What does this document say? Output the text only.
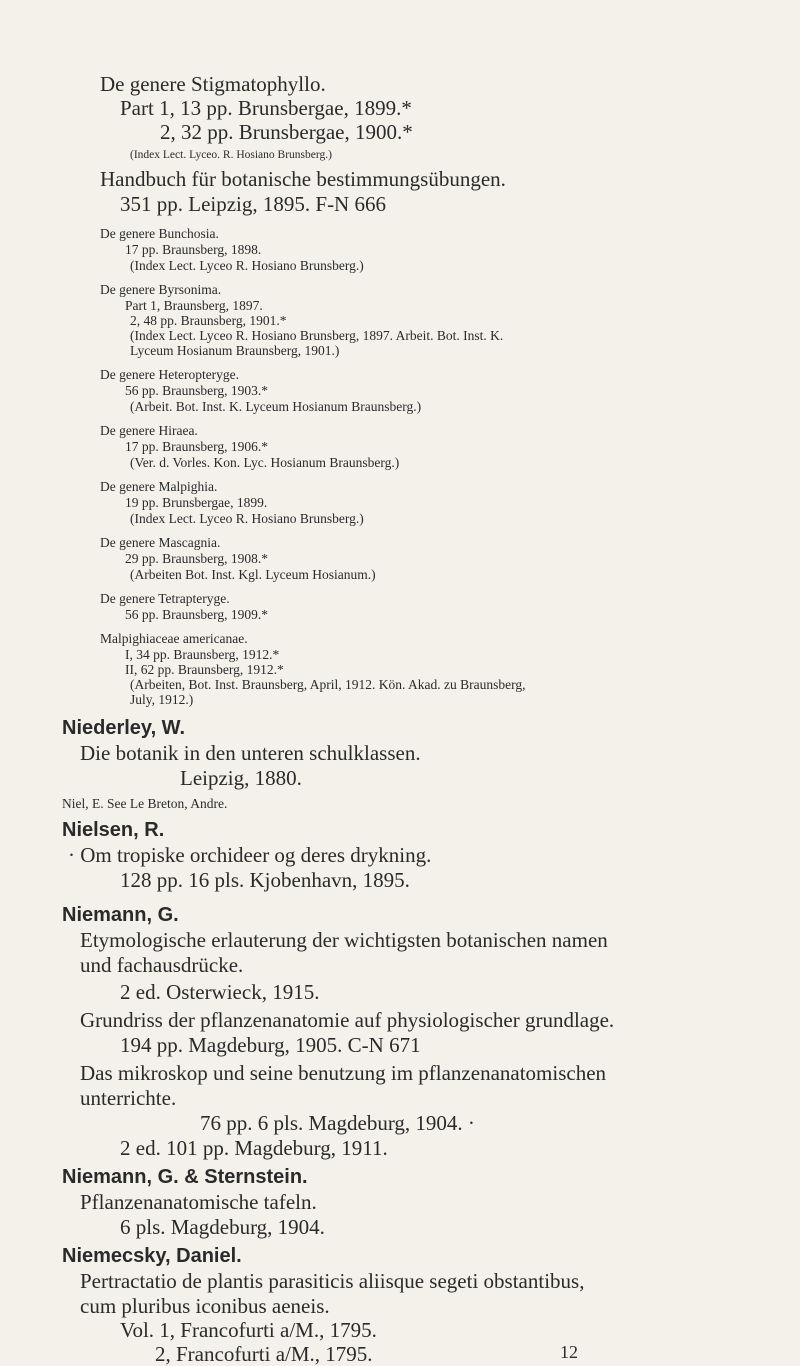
De genere Stigmatophyllo.
Part 1, 13 pp. Brunsbergae, 1899.*
2, 32 pp. Brunsbergae, 1900.*
(Index Lect. Lyceo. R. Hosiano Brunsberg.)
Handbuch für botanische bestimmungsübungen.
351 pp. Leipzig, 1895. F-N 666
De genere Bunchosia.
17 pp. Braunsberg, 1898.
(Index Lect. Lyceo R. Hosiano Brunsberg.)
De genere Byrsonima.
Part 1, Braunsberg, 1897.
2, 48 pp. Braunsberg, 1901.*
(Index Lect. Lyceo R. Hosiano Brunsberg, 1897. Arbeit. Bot. Inst. K.
Lyceum Hosianum Braunsberg, 1901.)
De genere Heteropteryge.
56 pp. Braunsberg, 1903.*
(Arbeit. Bot. Inst. K. Lyceum Hosianum Braunsberg.)
De genere Hiraea.
17 pp. Braunsberg, 1906.*
(Ver. d. Vorles. Kon. Lyc. Hosianum Braunsberg.)
De genere Malpighia.
19 pp. Brunsbergae, 1899.
(Index Lect. Lyceo R. Hosiano Brunsberg.)
De genere Mascagnia.
29 pp. Braunsberg, 1908.*
(Arbeiten Bot. Inst. Kgl. Lyceum Hosianum.)
De genere Tetrapteryge.
56 pp. Braunsberg, 1909.*
Malpighiaceae americanae.
I, 34 pp. Braunsberg, 1912.*
II, 62 pp. Braunsberg, 1912.*
(Arbeiten, Bot. Inst. Braunsberg, April, 1912. Kön. Akad. zu Braunsberg,
July, 1912.)
Niederley, W.
Die botanik in den unteren schulklassen.
Leipzig, 1880.
Niel, E. See Le Breton, Andre.
Nielsen, R.
· Om tropiske orchideer og deres drykning.
128 pp. 16 pls. Kjobenhavn, 1895.
Niemann, G.
Etymologische erlauterung der wichtigsten botanischen namen
und fachausdrücke.
2 ed. Osterwieck, 1915.
Grundriss der pflanzenanatomie auf physiologischer grundlage.
194 pp. Magdeburg, 1905. C-N 671
Das mikroskop und seine benutzung im pflanzenanatomischen
unterrichte.
76 pp. 6 pls. Magdeburg, 1904. ·
2 ed. 101 pp. Magdeburg, 1911.
Niemann, G. & Sternstein.
Pflanzenanatomische tafeln.
6 pls. Magdeburg, 1904.
Niemecsky, Daniel.
Pertractatio de plantis parasiticis aliisque segeti obstantibus,
cum pluribus iconibus aeneis.
Vol. 1, Francofurti a/M., 1795.
2, Francofurti a/M., 1795.	12
